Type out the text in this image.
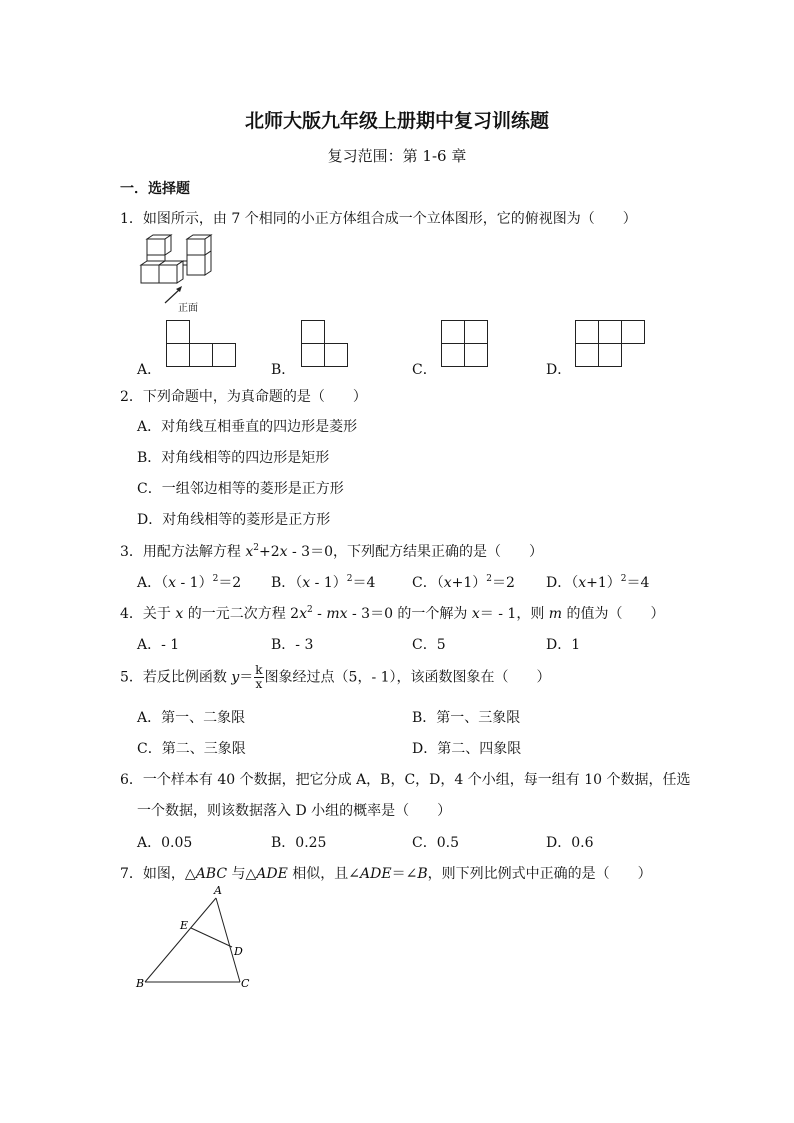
北师大版九年级上册期中复习训练题
复习范围：第 1-6 章
一．选择题
1．如图所示，由 7 个相同的小正方体组合成一个立体图形，它的俯视图为（　　）
正面
A．	B．	C．	D．
2．下列命题中，为真命题的是（　　）
A．对角线互相垂直的四边形是菱形
B．对角线相等的四边形是矩形
C．一组邻边相等的菱形是正方形
D．对角线相等的菱形是正方形
3．用配方法解方程 $x^2+2x - 3=0$，下列配方结果正确的是（　　）
A．（x - 1）$^2$＝2 B．（x - 1）$^2$＝4	C．$(x+1)^2=2$ D．$(x+1)^2=4$
4．关于 x 的一元二次方程 $2x^2$ - mx - 3＝0 的一个解为 x＝ - 1，则 m 的值为（　　）
A．- 1	B．- 3	C．5	D．1
5．若反比例函数 $y= \frac{k}{x}$ 图象经过点（5，- 1），该函数图象在（　　）
A．第一、二象限	B．第一、三象限
C．第二、三象限	D．第二、四象限
6．一个样本有 40 个数据，把它分成 A，B，C，D，4 个小组，每一组有 10 个数据，任选
一个数据，则该数据落入 D 小组的概率是（　　）
A．0.05	B．0.25	C．0.5	D．0.6
7．如图，△ABC 与△ADE 相似，且∠ADE＝∠B，则下列比例式中正确的是（　　）
A
E
D
B	C
